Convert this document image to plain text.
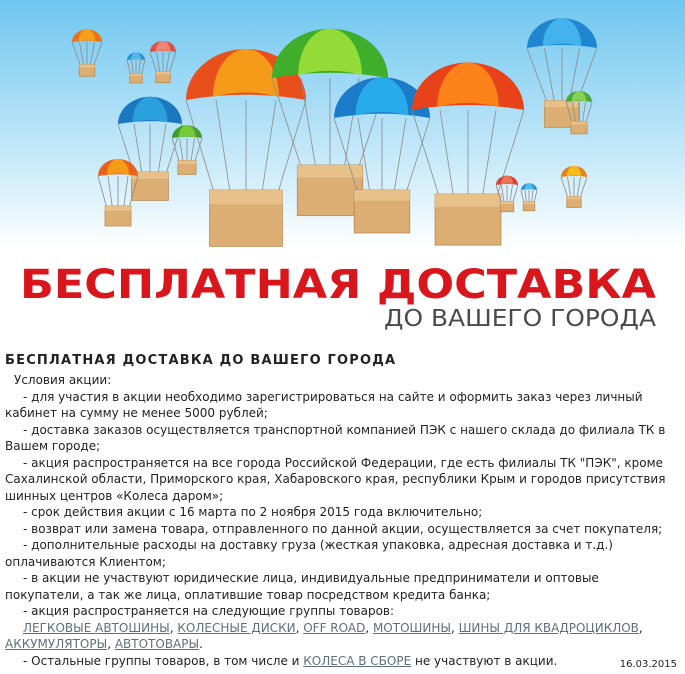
БЕСПЛАТНАЯ ДОСТАВКА
ДО ВАШЕГО ГОРОДА
БЕСПЛАТНАЯ ДОСТАВКА ДО ВАШЕГО ГОРОДА

Условия акции:

- для участия в акции необходимо зарегистрироваться на сайте и оформить заказ через личный кабинет на сумму не менее 5000 рублей;

- доставка заказов осуществляется транспортной компанией ПЭК с нашего склада до филиала ТК в Вашем городе;

- акция распространяется на все города Российской Федерации, где есть филиалы ТК "ПЭК", кроме Сахалинской области, Приморского края, Хабаровского края, республики Крым и городов присутствия шинных центров «Колеса даром»;

- срок действия акции с 16 марта по 2 ноября 2015 года включительно;

- возврат или замена товара, отправленного по данной акции, осуществляется за счет покупателя;

- дополнительные расходы на доставку груза (жесткая упаковка, адресная доставка и т.д.) оплачиваются Клиентом;

- в акции не участвуют юридические лица, индивидуальные предприниматели и оптовые покупатели, а так же лица, оплатившие товар посредством кредита банка;

- акция распространяется на следующие группы товаров:

ЛЕГКОВЫЕ АВТОШИНЫ, КОЛЕСНЫЕ ДИСКИ, OFF ROAD, МОТОШИНЫ, ШИНЫ ДЛЯ КВАДРОЦИКЛОВ, АККУМУЛЯТОРЫ, АВТОТОВАРЫ.

- Остальные группы товаров, в том числе и КОЛЕСА В СБОРЕ не участвуют в акции.	16.03.2015
